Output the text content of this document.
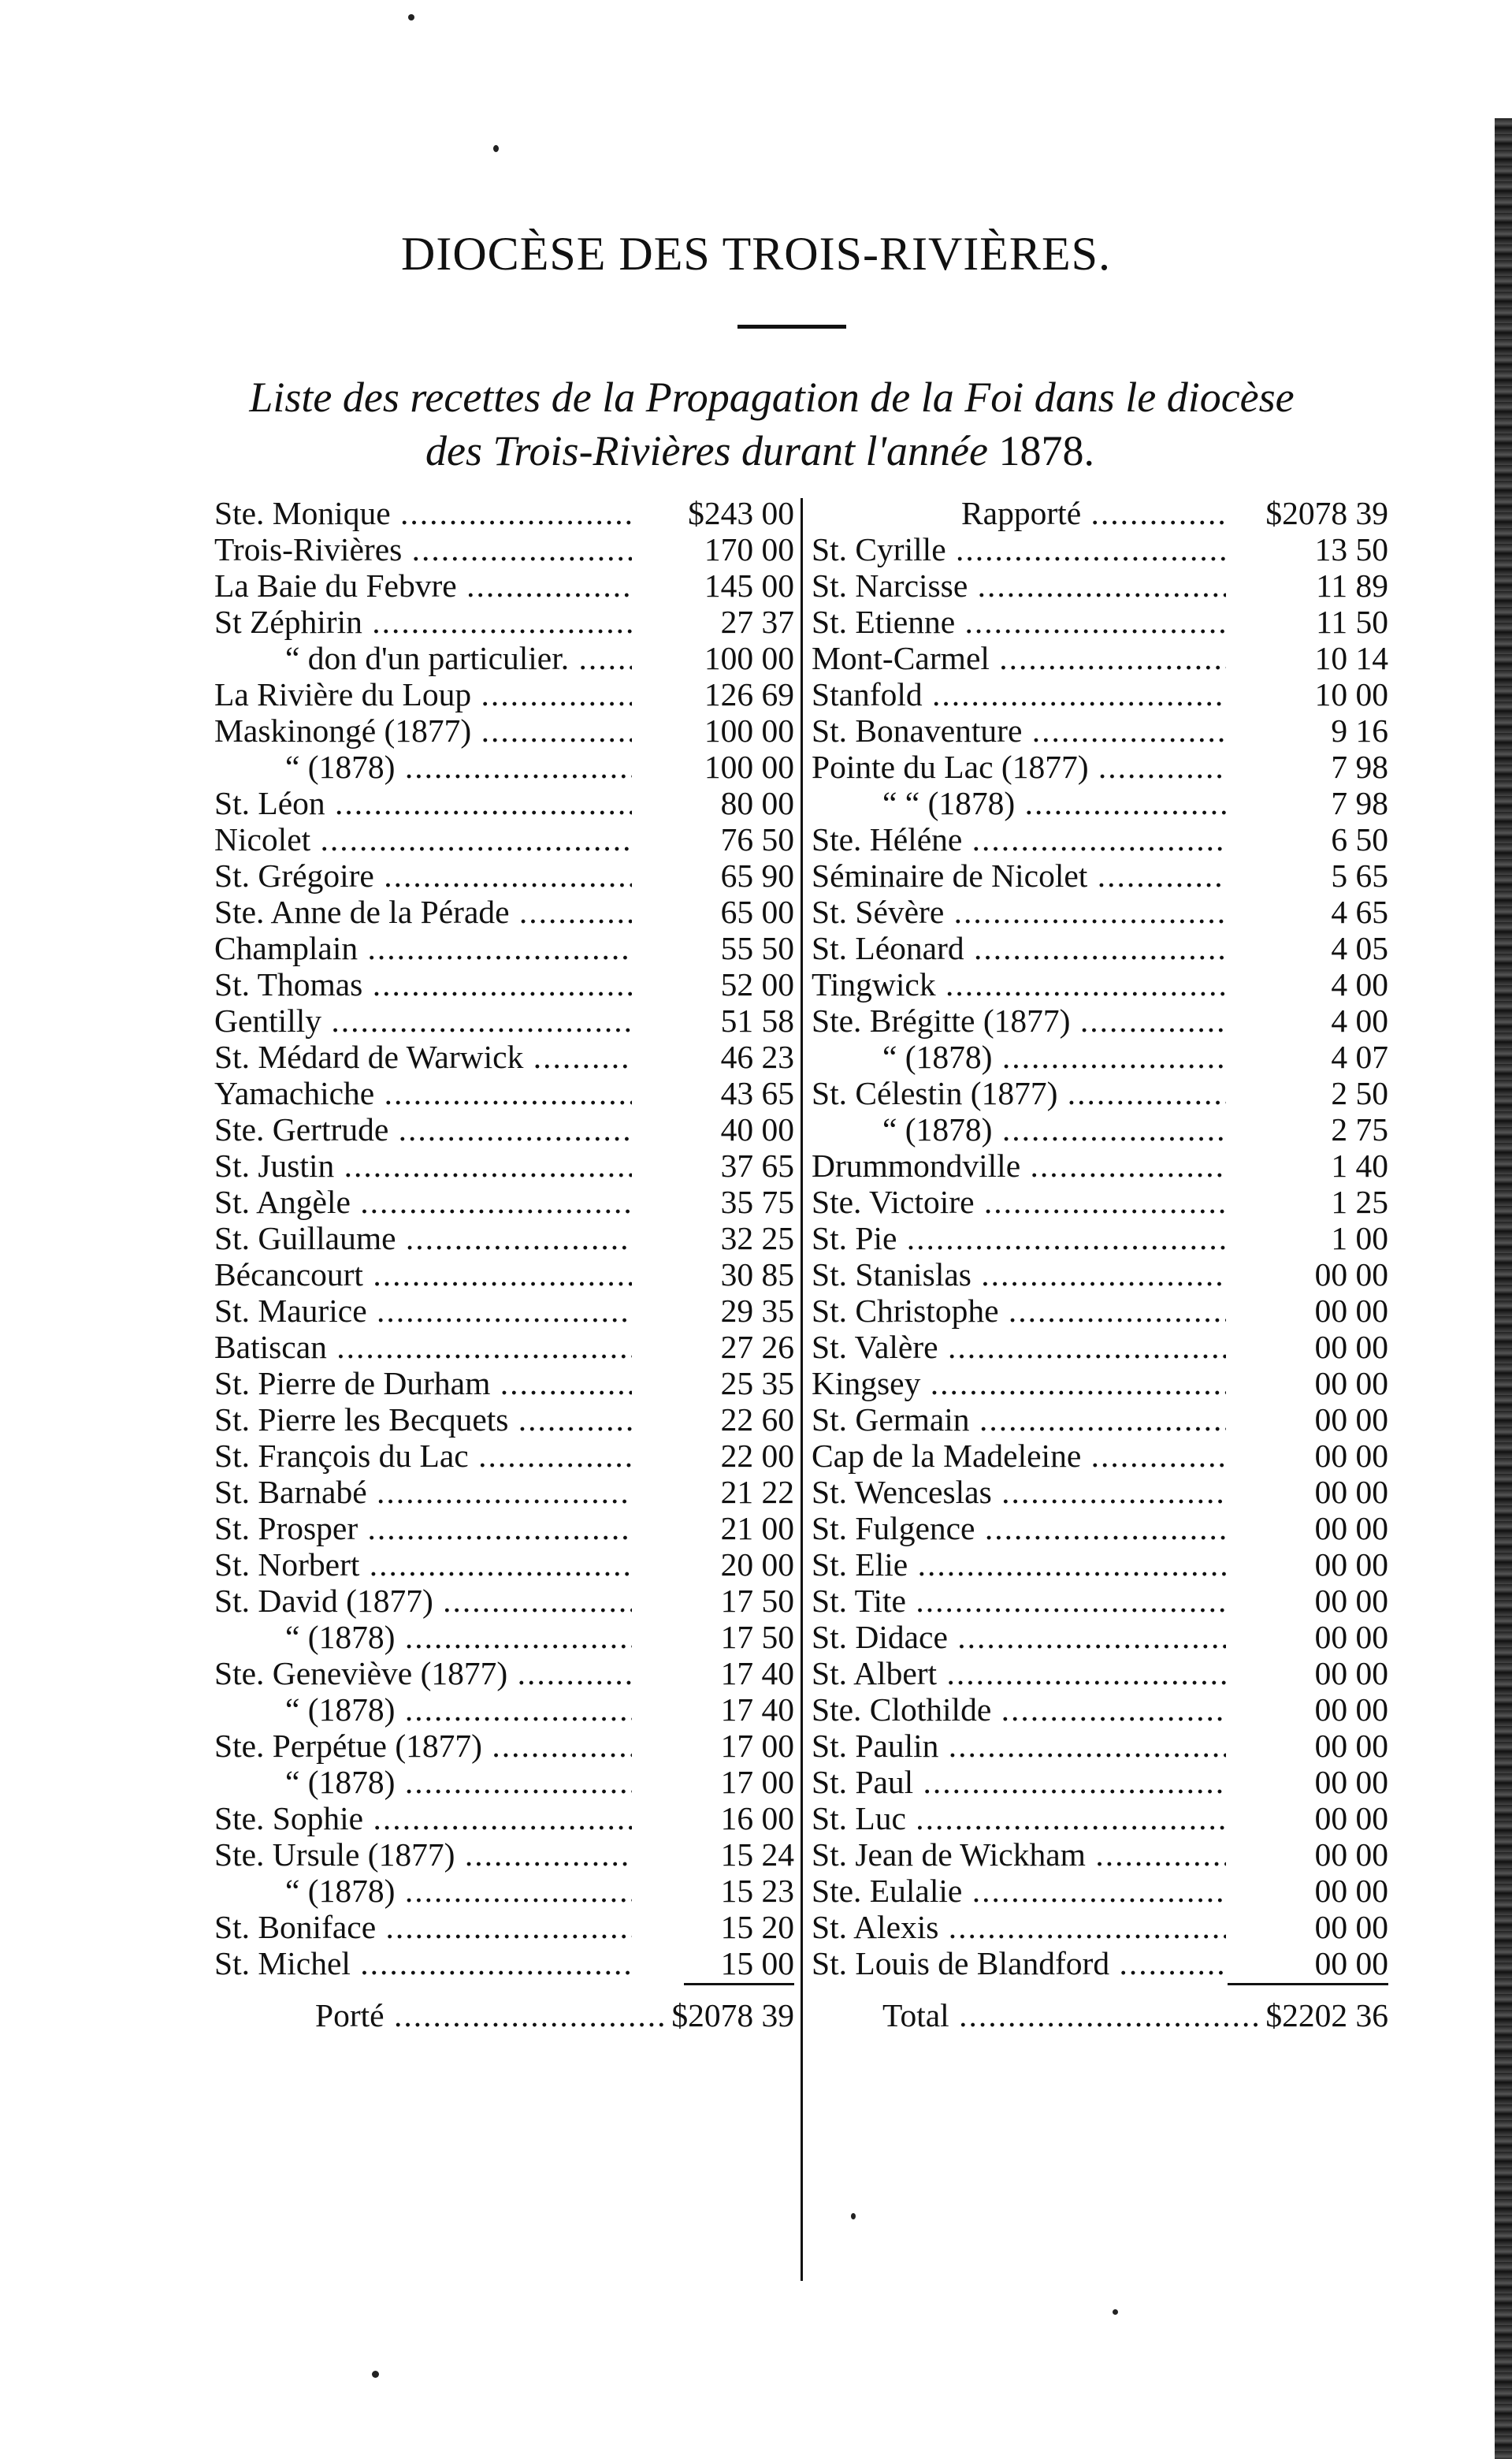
DIOCÈSE DES TROIS-RIVIÈRES.
Liste des recettes de la Propagation de la Foi dans le diocèse
des Trois-Rivières durant l'année 1878.
Ste. Monique .....	$243 00
Trois-Rivières .....	170 00
La Baie du Febvre .....	145 00
St Zéphirin .....	27 37
“ don d'un particulier. .....	100 00
La Rivière du Loup .....	126 69
Maskinongé (1877) .....	100 00
“ (1878) .....	100 00
St. Léon .....	80 00
Nicolet .....	76 50
St. Grégoire .....	65 90
Ste. Anne de la Pérade .....	65 00
Champlain .....	55 50
St. Thomas .....	52 00
Gentilly .....	51 58
St. Médard de Warwick .....	46 23
Yamachiche .....	43 65
Ste. Gertrude .....	40 00
St. Justin .....	37 65
St. Angèle .....	35 75
St. Guillaume .....	32 25
Bécancourt .....	30 85
St. Maurice .....	29 35
Batiscan .....	27 26
St. Pierre de Durham .....	25 35
St. Pierre les Becquets .....	22 60
St. François du Lac .....	22 00
St. Barnabé .....	21 22
St. Prosper .....	21 00
St. Norbert .....	20 00
St. David (1877) .....	17 50
“ (1878) .....	17 50
Ste. Geneviève (1877) .....	17 40
“ (1878) .....	17 40
Ste. Perpétue (1877) .....	17 00
“ (1878) .....	17 00
Ste. Sophie .....	16 00
Ste. Ursule (1877) .....	15 24
“ (1878) .....	15 23
St. Boniface .....	15 20
St. Michel .....	15 00
Rapporté .....	$2078 39
St. Cyrille .....	13 50
St. Narcisse .....	11 89
St. Etienne .....	11 50
Mont-Carmel .....	10 14
Stanfold .....	10 00
St. Bonaventure .....	9 16
Pointe du Lac (1877) .....	7 98
“ “ (1878) .....	7 98
Ste. Héléne .....	6 50
Séminaire de Nicolet .....	5 65
St. Sévère .....	4 65
St. Léonard .....	4 05
Tingwick .....	4 00
Ste. Brégitte (1877) .....	4 00
“ (1878) .....	4 07
St. Célestin (1877) .....	2 50
“ (1878) .....	2 75
Drummondville .....	1 40
Ste. Victoire .....	1 25
St. Pie .....	1 00
St. Stanislas .....	00 00
St. Christophe .....	00 00
St. Valère .....	00 00
Kingsey .....	00 00
St. Germain .....	00 00
Cap de la Madeleine .....	00 00
St. Wenceslas .....	00 00
St. Fulgence .....	00 00
St. Elie .....	00 00
St. Tite .....	00 00
St. Didace .....	00 00
St. Albert .....	00 00
Ste. Clothilde .....	00 00
St. Paulin .....	00 00
St. Paul .....	00 00
St. Luc .....	00 00
St. Jean de Wickham .....	00 00
Ste. Eulalie .....	00 00
St. Alexis .....	00 00
St. Louis de Blandford .....	00 00
Porté .....	$2078 39	Total .....	$2202 36
